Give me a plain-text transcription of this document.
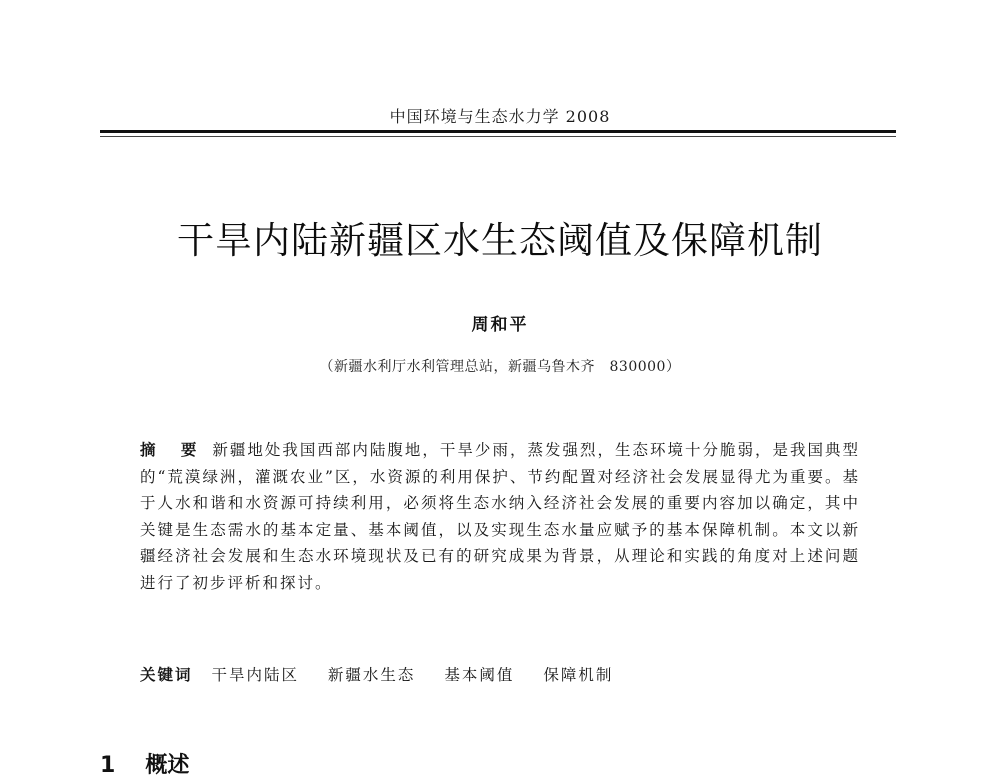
中国环境与生态水力学 2008
干旱内陆新疆区水生态阈值及保障机制
周和平
（新疆水利厅水利管理总站，新疆乌鲁木齐　830000）
摘 要 新疆地处我国西部内陆腹地，干旱少雨，蒸发强烈，生态环境十分脆弱，是我国典型的“荒漠绿洲，灌溉农业”区，水资源的利用保护、节约配置对经济社会发展显得尤为重要。基于人水和谐和水资源可持续利用，必须将生态水纳入经济社会发展的重要内容加以确定，其中关键是生态需水的基本定量、基本阈值，以及实现生态水量应赋予的基本保障机制。本文以新疆经济社会发展和生态水环境现状及已有的研究成果为背景，从理论和实践的角度对上述问题进行了初步评析和探讨。
关键词 干旱内陆区 新疆水生态 基本阈值 保障机制
1 概述
